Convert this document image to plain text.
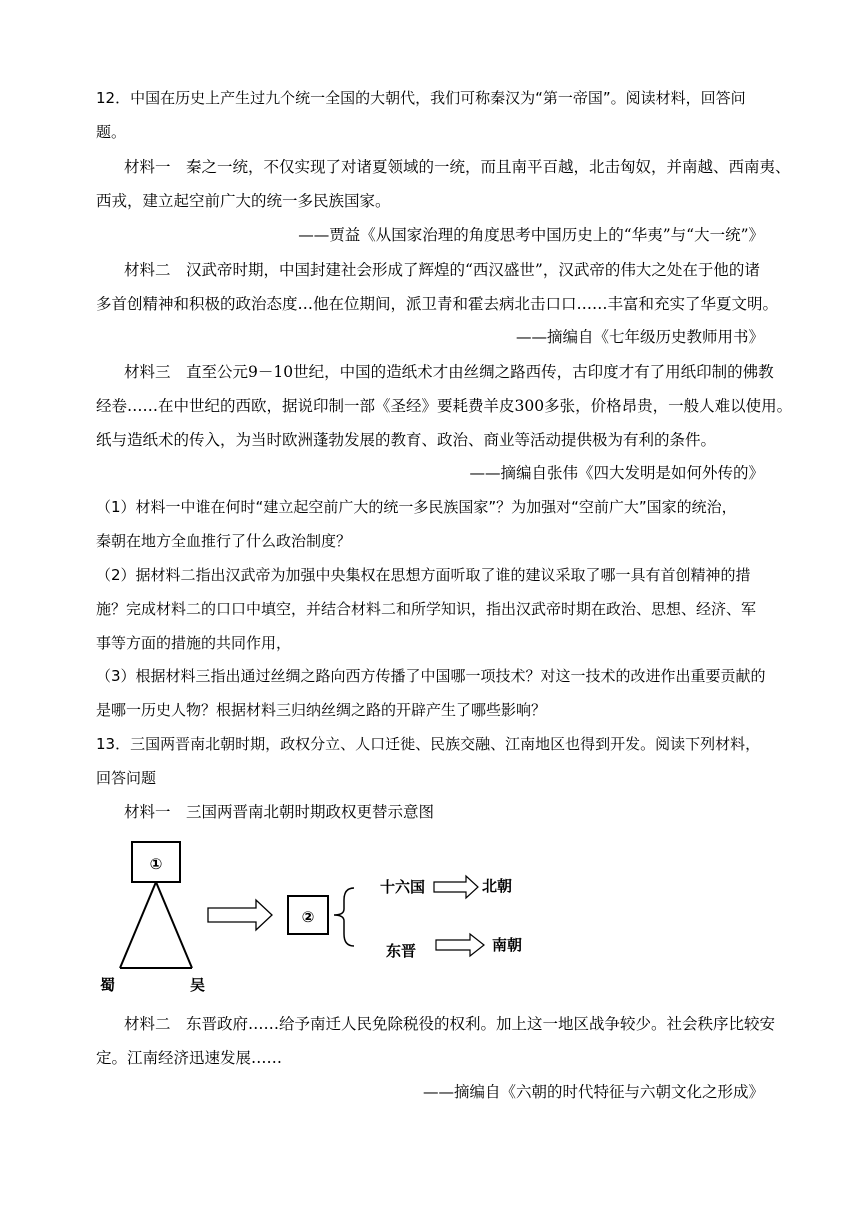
12．中国在历史上产生过九个统一全国的大朝代，我们可称秦汉为“第一帝国”。阅读材料，回答问
题。
材料一　秦之一统，不仅实现了对诸夏领域的一统，而且南平百越，北击匈奴，并南越、西南夷、
西戎，建立起空前广大的统一多民族国家。
——贾益《从国家治理的角度思考中国历史上的“华夷”与“大一统”》
材料二　汉武帝时期，中国封建社会形成了辉煌的“西汉盛世”，汉武帝的伟大之处在于他的诸
多首创精神和积极的政治态度…他在位期间，派卫青和霍去病北击口口……丰富和充实了华夏文明。
——摘编自《七年级历史教师用书》
材料三　直至公元9－10世纪，中国的造纸术才由丝绸之路西传，古印度才有了用纸印制的佛教
经卷……在中世纪的西欧，据说印制一部《圣经》要耗费羊皮300多张，价格昂贵，一般人难以使用。
纸与造纸术的传入，为当时欧洲蓬勃发展的教育、政治、商业等活动提供极为有利的条件。
——摘编自张伟《四大发明是如何外传的》
（1）材料一中谁在何时“建立起空前广大的统一多民族国家”？为加强对“空前广大”国家的统治，
秦朝在地方全血推行了什么政治制度？
（2）据材料二指出汉武帝为加强中央集权在思想方面听取了谁的建议采取了哪一具有首创精神的措
施？完成材料二的口口中填空，并结合材料二和所学知识，指出汉武帝时期在政治、思想、经济、军
事等方面的措施的共同作用，
（3）根据材料三指出通过丝绸之路向西方传播了中国哪一项技术？对这一技术的改进作出重要贡献的
是哪一历史人物？根据材料三归纳丝绸之路的开辟产生了哪些影响？
13．三国两晋南北朝时期，政权分立、人口迁徙、民族交融、江南地区也得到开发。阅读下列材料，
回答问题
材料一　三国两晋南北朝时期政权更替示意图
①
蜀	吴
②
十六国	北朝
东晋	南朝
材料二　东晋政府……给予南迁人民免除税役的权利。加上这一地区战争较少。社会秩序比较安
定。江南经济迅速发展……
——摘编自《六朝的时代特征与六朝文化之形成》
